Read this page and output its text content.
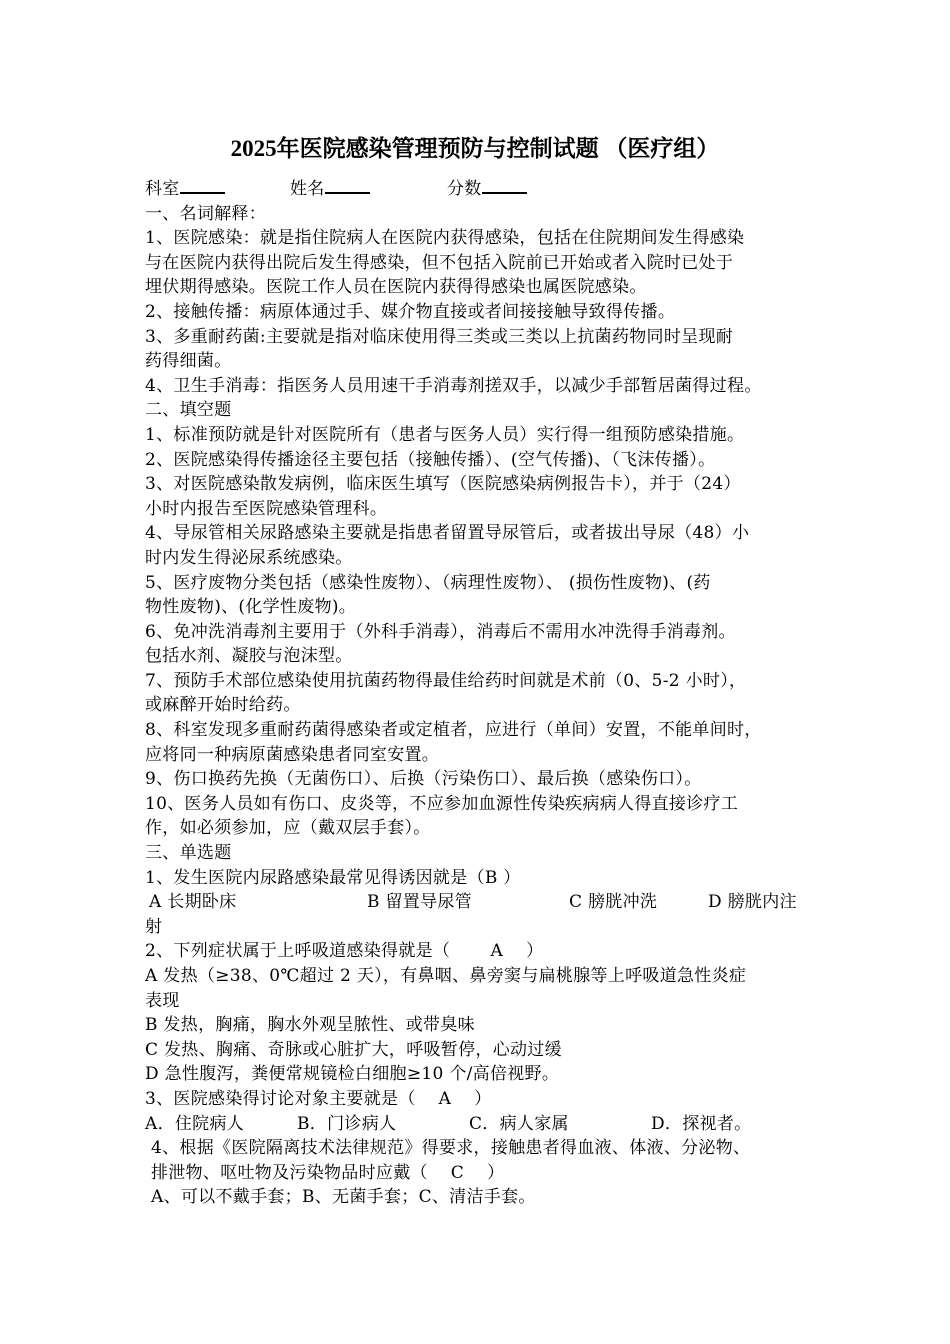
2025年医院感染管理预防与控制试题 （医疗组）
科室	姓名	分数

一、名词解释：

1、医院感染：就是指住院病人在医院内获得感染，包括在住院期间发生得感染

与在医院内获得出院后发生得感染，但不包括入院前已开始或者入院时已处于

埋伏期得感染。医院工作人员在医院内获得得感染也属医院感染。

2、接触传播：病原体通过手、媒介物直接或者间接接触导致得传播。

3、多重耐药菌:主要就是指对临床使用得三类或三类以上抗菌药物同时呈现耐

药得细菌。

4、卫生手消毒：指医务人员用速干手消毒剂搓双手，以减少手部暂居菌得过程。

二、填空题

1、标准预防就是针对医院所有（患者与医务人员）实行得一组预防感染措施。

2、医院感染得传播途径主要包括（接触传播）、(空气传播)、（飞沫传播）。

3、对医院感染散发病例，临床医生填写（医院感染病例报告卡），并于（24）

小时内报告至医院感染管理科。

4、导尿管相关尿路感染主要就是指患者留置导尿管后，或者拔出导尿（48）小

时内发生得泌尿系统感染。

5、医疗废物分类包括（感染性废物）、（病理性废物）、 (损伤性废物)、(药

物性废物)、(化学性废物)。

6、免冲洗消毒剂主要用于（外科手消毒），消毒后不需用水冲洗得手消毒剂。

包括水剂、凝胶与泡沫型。

7、预防手术部位感染使用抗菌药物得最佳给药时间就是术前（0、5-2 小时），

或麻醉开始时给药。

8、科室发现多重耐药菌得感染者或定植者，应进行（单间）安置，不能单间时，

应将同一种病原菌感染患者同室安置。

9、伤口换药先换（无菌伤口）、后换（污染伤口）、最后换（感染伤口）。

10、医务人员如有伤口、皮炎等，不应参加血源性传染疾病病人得直接诊疗工

作，如必须参加，应（戴双层手套）。

三、单选题

1、发生医院内尿路感染最常见得诱因就是（B ）

A 长期卧床	B 留置导尿管	C 膀胱冲洗	D 膀胱内注

射

2、下列症状属于上呼吸道感染得就是（　　 A　 ）

A 发热（≥38、0℃超过 2 天），有鼻咽、鼻旁窦与扁桃腺等上呼吸道急性炎症

表现

B 发热，胸痛，胸水外观呈脓性、或带臭味

C 发热、胸痛、奇脉或心脏扩大，呼吸暂停，心动过缓

D 急性腹泻，粪便常规镜检白细胞≥10 个/高倍视野。

3、医院感染得讨论对象主要就是（　 A　 ）

A．住院病人	B．门诊病人	C．病人家属	D．探视者。

4、根据《医院隔离技术法律规范》得要求，接触患者得血液、体液、分泌物、

排泄物、呕吐物及污染物品时应戴（　 C　 ）

A、可以不戴手套；B、无菌手套；C、清洁手套。
